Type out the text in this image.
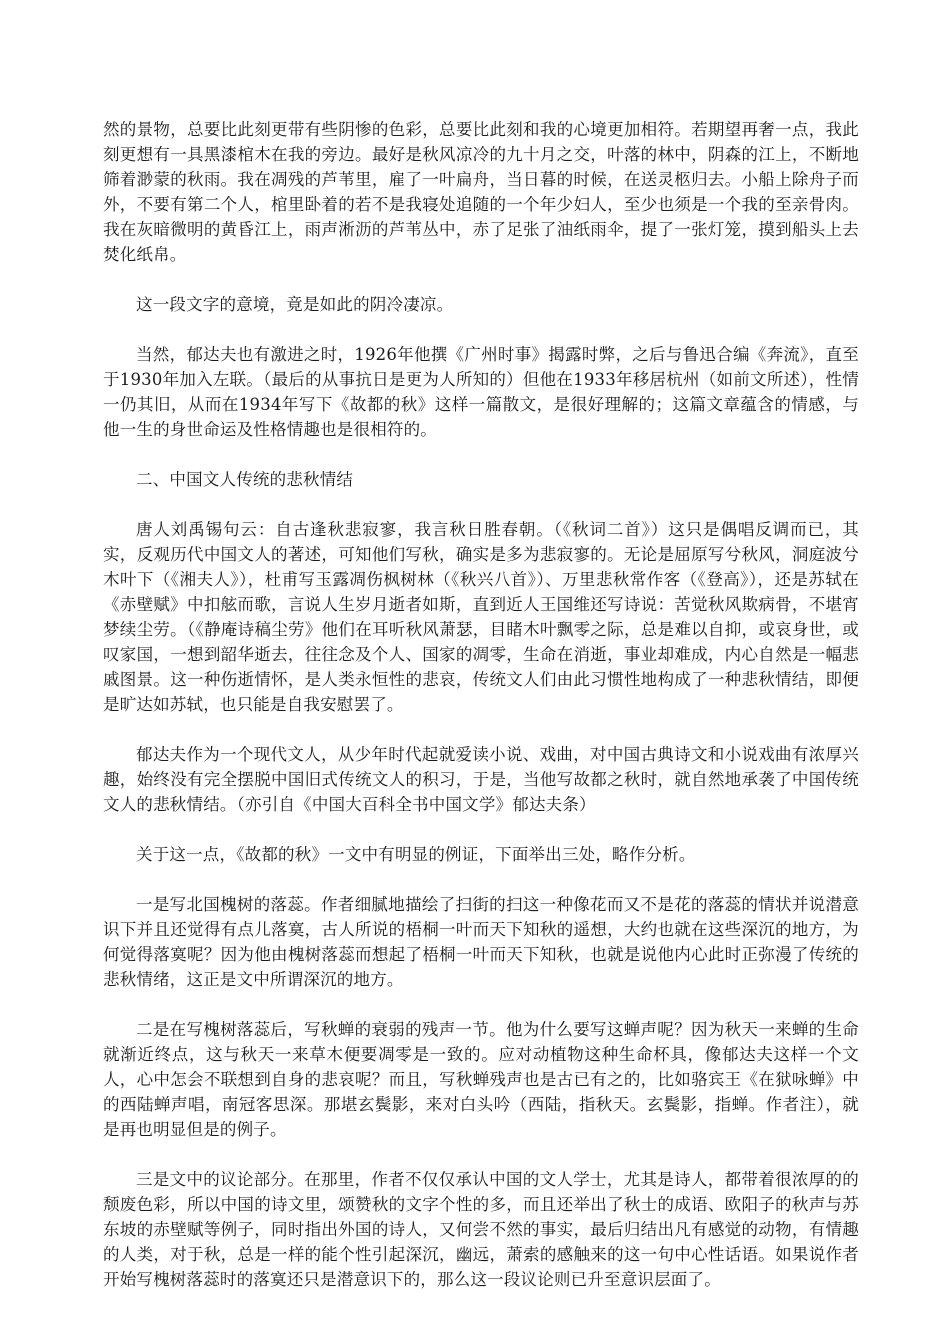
然的景物，总要比此刻更带有些阴惨的色彩，总要比此刻和我的心境更加相符。若期望再奢一点，我此刻更想有一具黑漆棺木在我的旁边。最好是秋风凉冷的九十月之交，叶落的林中，阴森的江上，不断地筛着渺蒙的秋雨。我在凋残的芦苇里，雇了一叶扁舟，当日暮的时候，在送灵柩归去。小船上除舟子而外，不要有第二个人，棺里卧着的若不是我寝处追随的一个年少妇人，至少也须是一个我的至亲骨肉。我在灰暗微明的黄昏江上，雨声淅沥的芦苇丛中，赤了足张了油纸雨伞，提了一张灯笼，摸到船头上去焚化纸帛。

这一段文字的意境，竟是如此的阴冷凄凉。

当然，郁达夫也有激进之时，1926年他撰《广州时事》揭露时弊，之后与鲁迅合编《奔流》，直至于1930年加入左联。（最后的从事抗日是更为人所知的）但他在1933年移居杭州（如前文所述），性情一仍其旧，从而在1934年写下《故都的秋》这样一篇散文，是很好理解的；这篇文章蕴含的情感，与他一生的身世命运及性格情趣也是很相符的。

二、中国文人传统的悲秋情结

唐人刘禹锡句云：自古逢秋悲寂寥，我言秋日胜春朝。（《秋词二首》）这只是偶唱反调而已，其实，反观历代中国文人的著述，可知他们写秋，确实是多为悲寂寥的。无论是屈原写兮秋风，洞庭波兮木叶下（《湘夫人》），杜甫写玉露凋伤枫树林（《秋兴八首》）、万里悲秋常作客（《登高》），还是苏轼在《赤壁赋》中扣舷而歌，言说人生岁月逝者如斯，直到近人王国维还写诗说：苦觉秋风欺病骨，不堪宵梦续尘劳。（《静庵诗稿尘劳》他们在耳听秋风萧瑟，目睹木叶飘零之际，总是难以自抑，或哀身世，或叹家国，一想到韶华逝去，往往念及个人、国家的凋零，生命在消逝，事业却难成，内心自然是一幅悲戚图景。这一种伤逝情怀，是人类永恒性的悲哀，传统文人们由此习惯性地构成了一种悲秋情结，即便是旷达如苏轼，也只能是自我安慰罢了。

郁达夫作为一个现代文人，从少年时代起就爱读小说、戏曲，对中国古典诗文和小说戏曲有浓厚兴趣，始终没有完全摆脱中国旧式传统文人的积习，于是，当他写故都之秋时，就自然地承袭了中国传统文人的悲秋情结。（亦引自《中国大百科全书中国文学》郁达夫条）

关于这一点，《故都的秋》一文中有明显的例证，下面举出三处，略作分析。

一是写北国槐树的落蕊。作者细腻地描绘了扫街的扫这一种像花而又不是花的落蕊的情状并说潜意识下并且还觉得有点儿落寞，古人所说的梧桐一叶而天下知秋的遥想，大约也就在这些深沉的地方，为何觉得落寞呢？因为他由槐树落蕊而想起了梧桐一叶而天下知秋，也就是说他内心此时正弥漫了传统的悲秋情绪，这正是文中所谓深沉的地方。

二是在写槐树落蕊后，写秋蝉的衰弱的残声一节。他为什么要写这蝉声呢？因为秋天一来蝉的生命就渐近终点，这与秋天一来草木便要凋零是一致的。应对动植物这种生命杯具，像郁达夫这样一个文人，心中怎会不联想到自身的悲哀呢？而且，写秋蝉残声也是古已有之的，比如骆宾王《在狱咏蝉》中的西陆蝉声唱，南冠客思深。那堪玄鬓影，来对白头吟（西陆，指秋天。玄鬓影，指蝉。作者注），就是再也明显但是的例子。

三是文中的议论部分。在那里，作者不仅仅承认中国的文人学士，尤其是诗人，都带着很浓厚的的颓废色彩，所以中国的诗文里，颂赞秋的文字个性的多，而且还举出了秋士的成语、欧阳子的秋声与苏东坡的赤壁赋等例子，同时指出外国的诗人，又何尝不然的事实，最后归结出凡有感觉的动物，有情趣的人类，对于秋，总是一样的能个性引起深沉，幽远，萧索的感触来的这一句中心性话语。如果说作者开始写槐树落蕊时的落寞还只是潜意识下的，那么这一段议论则已升至意识层面了。
